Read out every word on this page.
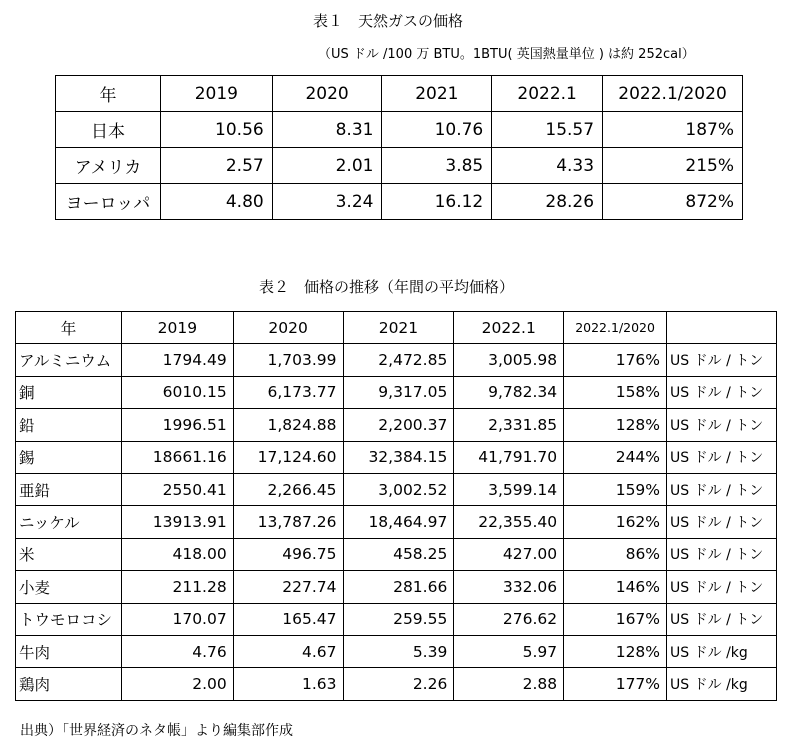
表１　天然ガスの価格
（US ドル /100 万 BTU。1BTU( 英国熱量単位 ) は約 252cal）
年	2019	2020	2021	2022.1	2022.1/2020
日本	10.56	8.31	10.76	15.57	187%
アメリカ	2.57	2.01	3.85	4.33	215%
ヨーロッパ	4.80	3.24	16.12	28.26	872%
表２　価格の推移（年間の平均価格）
年	2019	2020	2021	2022.1	2022.1/2020	
アルミニウム	1794.49	1,703.99	2,472.85	3,005.98	176%	US ドル / トン
銅	6010.15	6,173.77	9,317.05	9,782.34	158%	US ドル / トン
鉛	1996.51	1,824.88	2,200.37	2,331.85	128%	US ドル / トン
錫	18661.16	17,124.60	32,384.15	41,791.70	244%	US ドル / トン
亜鉛	2550.41	2,266.45	3,002.52	3,599.14	159%	US ドル / トン
ニッケル	13913.91	13,787.26	18,464.97	22,355.40	162%	US ドル / トン
米	418.00	496.75	458.25	427.00	86%	US ドル / トン
小麦	211.28	227.74	281.66	332.06	146%	US ドル / トン
トウモロコシ	170.07	165.47	259.55	276.62	167%	US ドル / トン
牛肉	4.76	4.67	5.39	5.97	128%	US ドル /kg
鶏肉	2.00	1.63	2.26	2.88	177%	US ドル /kg
出典）「世界経済のネタ帳」より編集部作成
